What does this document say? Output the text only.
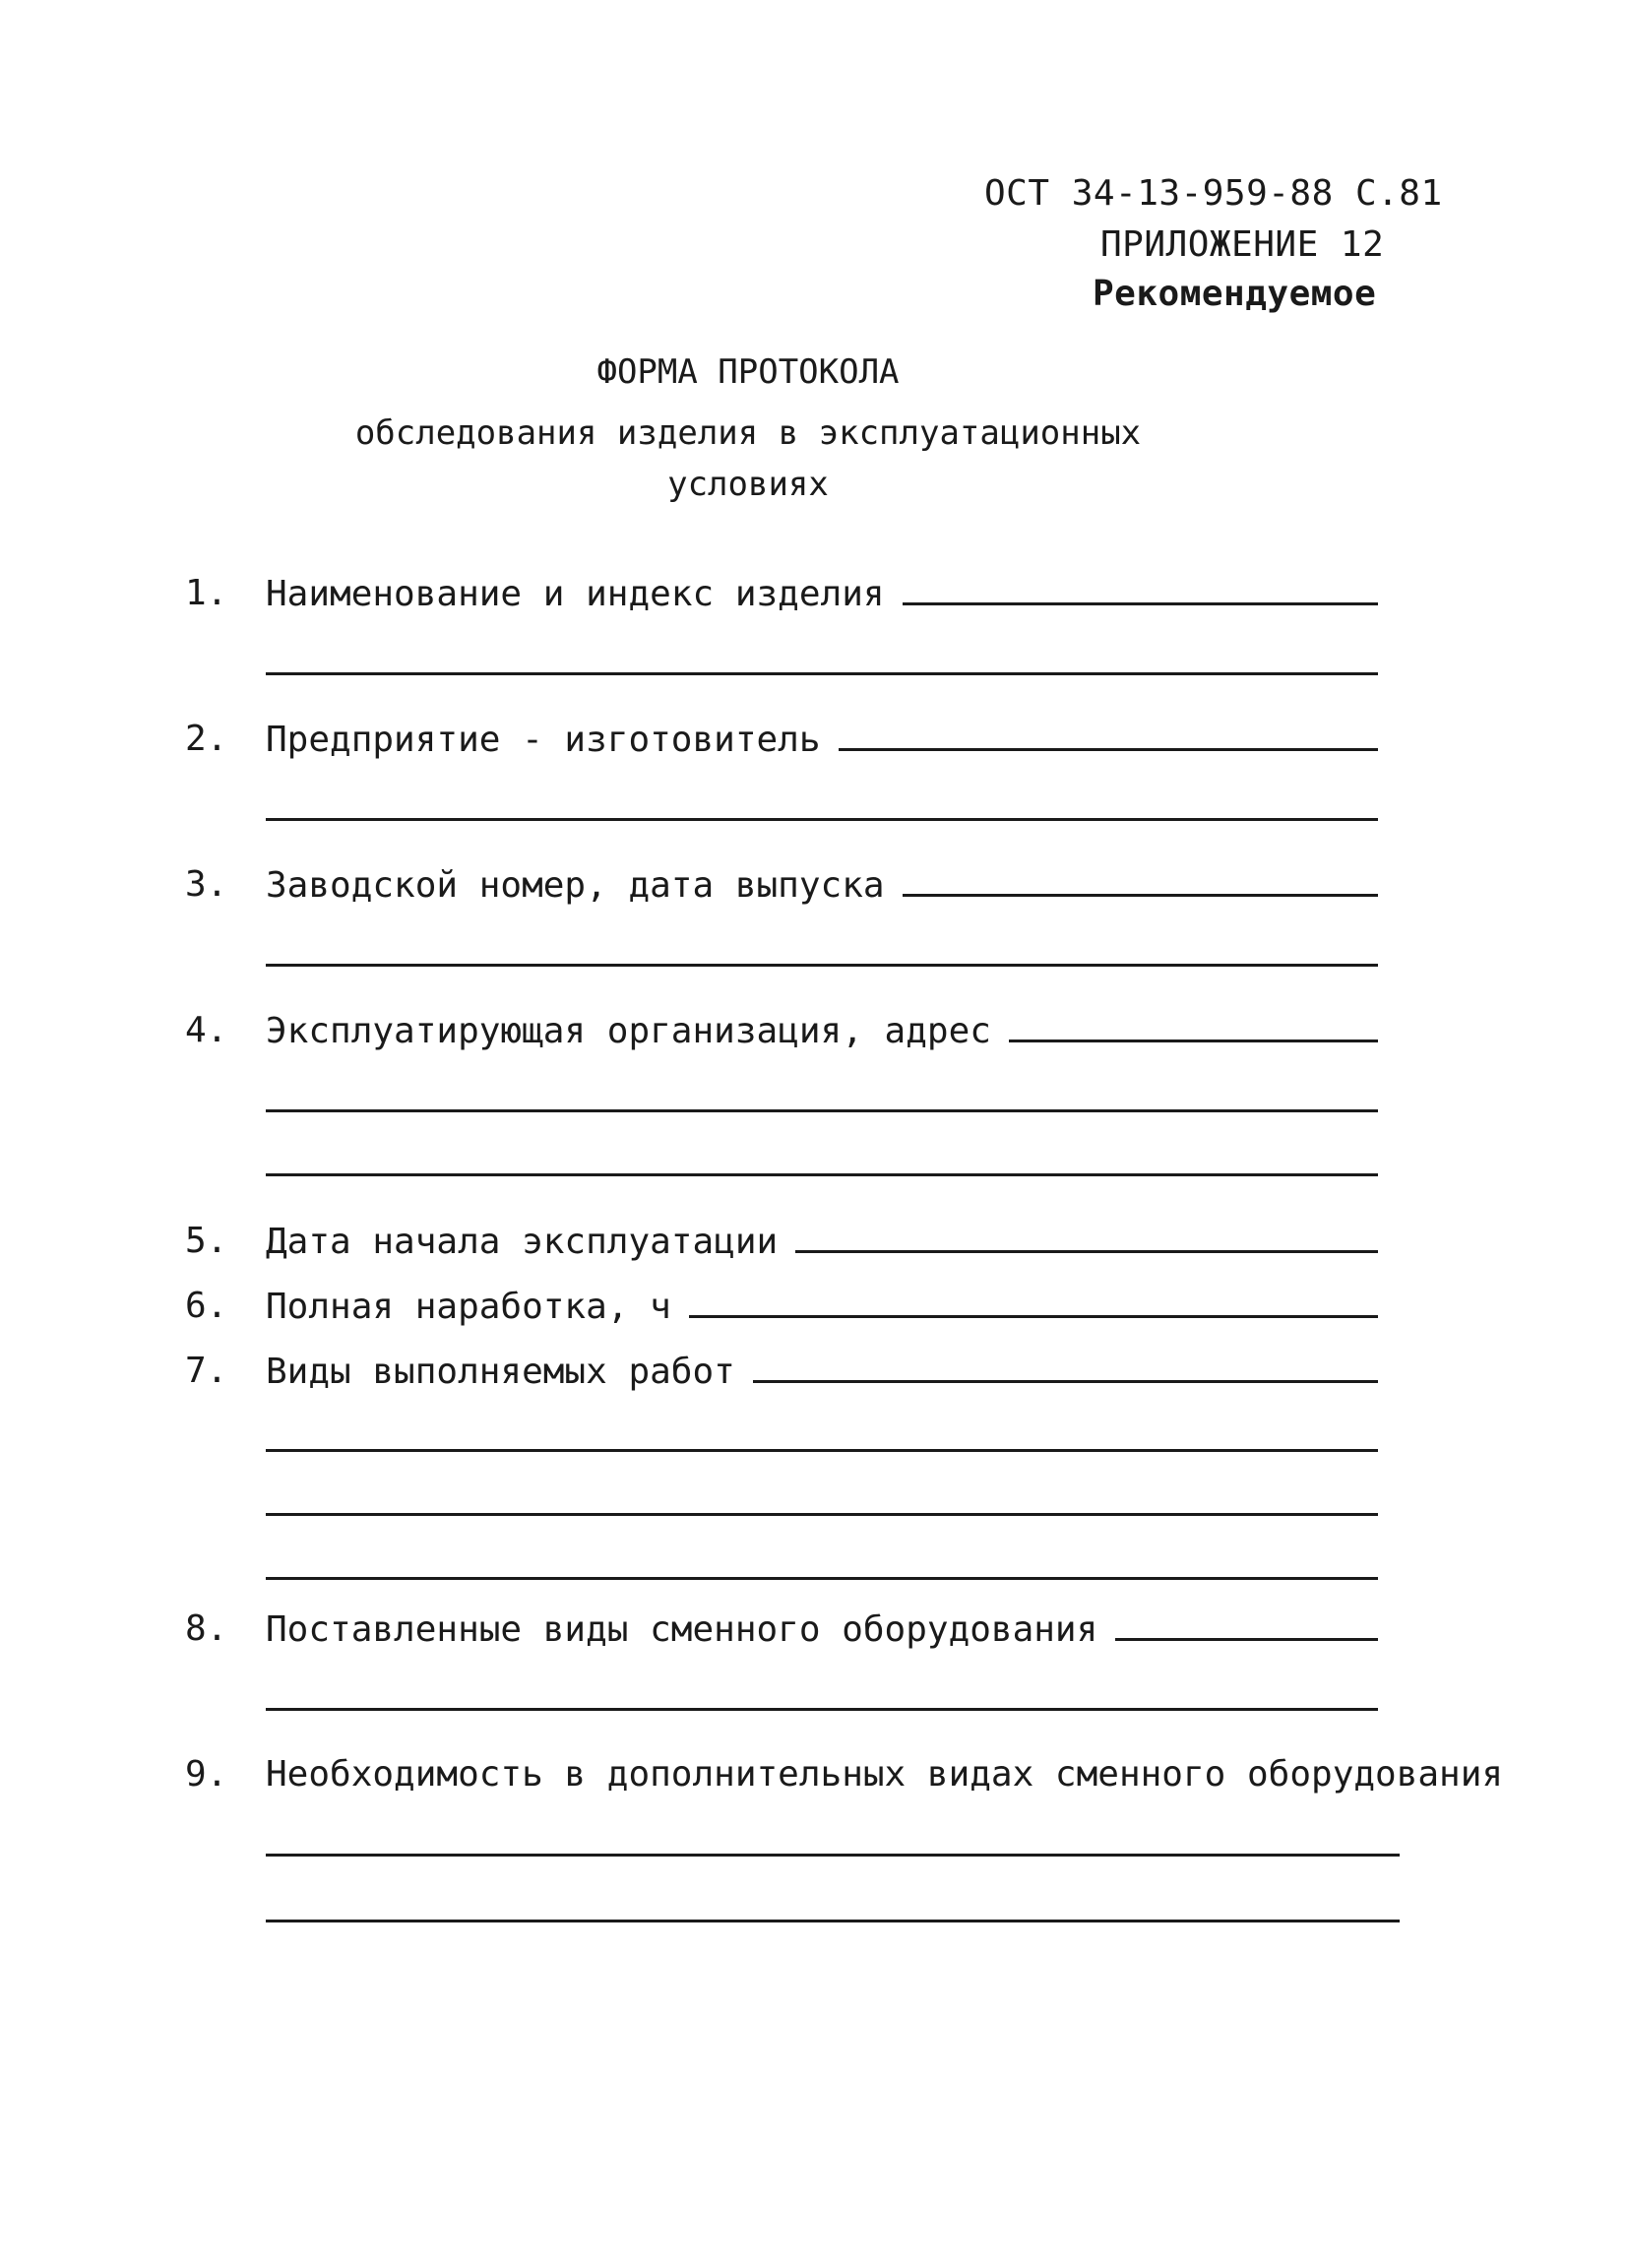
ОСТ 34-13-959-88 С.81
ПРИЛОЖЕНИЕ 12
Рекомендуемое
ФОРМА ПРОТОКОЛА
обследования изделия в эксплуатационных
условиях
1. Наименование и индекс изделия
2. Предприятие - изготовитель
3. Заводской номер, дата выпуска
4. Эксплуатирующая организация, адрес
5. Дата начала эксплуатации
6. Полная наработка, ч
7. Виды выполняемых работ
8. Поставленные виды сменного оборудования
9. Необходимость в дополнительных видах сменного оборудования
